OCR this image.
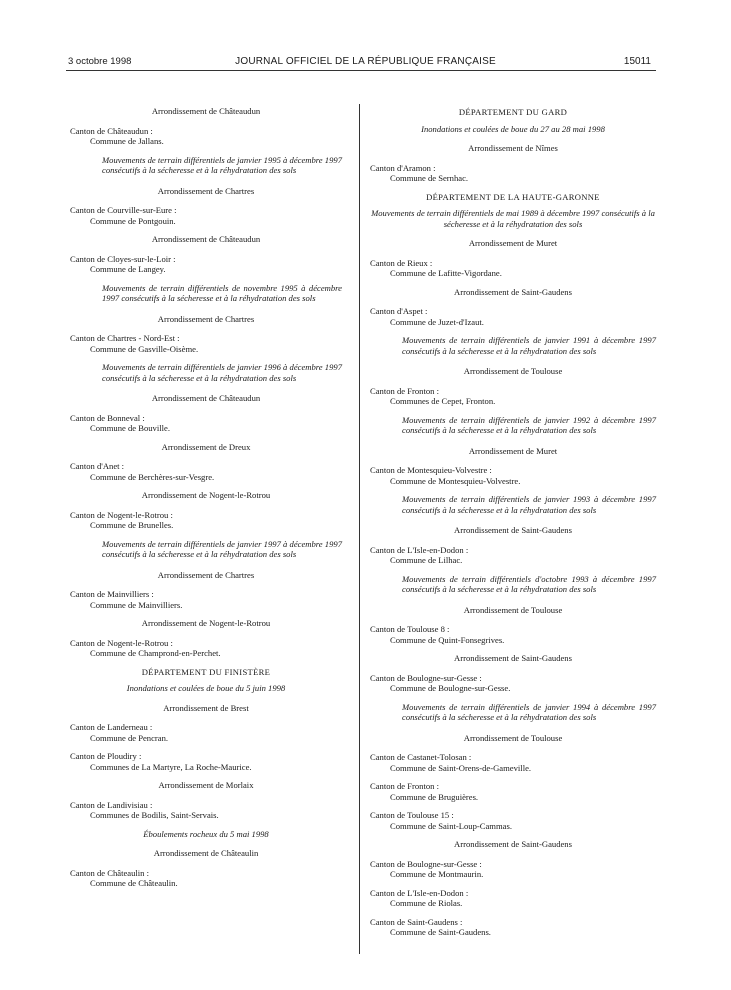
3 octobre 1998	JOURNAL OFFICIEL DE LA RÉPUBLIQUE FRANÇAISE	15011
Arrondissement de Châteaudun
Canton de Châteaudun :
Commune de Jallans.
Mouvements de terrain différentiels de janvier 1995 à décembre 1997 consécutifs à la sécheresse et à la réhydratation des sols
Arrondissement de Chartres
Canton de Courville-sur-Eure :
Commune de Pontgouin.
Arrondissement de Châteaudun
Canton de Cloyes-sur-le-Loir :
Commune de Langey.
Mouvements de terrain différentiels de novembre 1995 à décembre 1997 consécutifs à la sécheresse et à la réhydratation des sols
Arrondissement de Chartres
Canton de Chartres - Nord-Est :
Commune de Gasville-Oisème.
Mouvements de terrain différentiels de janvier 1996 à décembre 1997 consécutifs à la sécheresse et à la réhydratation des sols
Arrondissement de Châteaudun
Canton de Bonneval :
Commune de Bouville.
Arrondissement de Dreux
Canton d'Anet :
Commune de Berchères-sur-Vesgre.
Arrondissement de Nogent-le-Rotrou
Canton de Nogent-le-Rotrou :
Commune de Brunelles.
Mouvements de terrain différentiels de janvier 1997 à décembre 1997 consécutifs à la sécheresse et à la réhydratation des sols
Arrondissement de Chartres
Canton de Mainvilliers :
Commune de Mainvilliers.
Arrondissement de Nogent-le-Rotrou
Canton de Nogent-le-Rotrou :
Commune de Champrond-en-Perchet.
DÉPARTEMENT DU FINISTÈRE
Inondations et coulées de boue du 5 juin 1998
Arrondissement de Brest
Canton de Landerneau :
Commune de Pencran.
Canton de Ploudiry :
Communes de La Martyre, La Roche-Maurice.
Arrondissement de Morlaix
Canton de Landivisiau :
Communes de Bodilis, Saint-Servais.
Éboulements rocheux du 5 mai 1998
Arrondissement de Châteaulin
Canton de Châteaulin :
Commune de Châteaulin.
DÉPARTEMENT DU GARD
Inondations et coulées de boue du 27 au 28 mai 1998
Arrondissement de Nîmes
Canton d'Aramon :
Commune de Sernhac.
DÉPARTEMENT DE LA HAUTE-GARONNE
Mouvements de terrain différentiels de mai 1989 à décembre 1997 consécutifs à la sécheresse et à la réhydratation des sols
Arrondissement de Muret
Canton de Rieux :
Commune de Lafitte-Vigordane.
Arrondissement de Saint-Gaudens
Canton d'Aspet :
Commune de Juzet-d'Izaut.
Mouvements de terrain différentiels de janvier 1991 à décembre 1997 consécutifs à la sécheresse et à la réhydratation des sols
Arrondissement de Toulouse
Canton de Fronton :
Communes de Cepet, Fronton.
Mouvements de terrain différentiels de janvier 1992 à décembre 1997 consécutifs à la sécheresse et à la réhydratation des sols
Arrondissement de Muret
Canton de Montesquieu-Volvestre :
Commune de Montesquieu-Volvestre.
Mouvements de terrain différentiels de janvier 1993 à décembre 1997 consécutifs à la sécheresse et à la réhydratation des sols
Arrondissement de Saint-Gaudens
Canton de L'Isle-en-Dodon :
Commune de Lilhac.
Mouvements de terrain différentiels d'octobre 1993 à décembre 1997 consécutifs à la sécheresse et à la réhydratation des sols
Arrondissement de Toulouse
Canton de Toulouse 8 :
Commune de Quint-Fonsegrives.
Arrondissement de Saint-Gaudens
Canton de Boulogne-sur-Gesse :
Commune de Boulogne-sur-Gesse.
Mouvements de terrain différentiels de janvier 1994 à décembre 1997 consécutifs à la sécheresse et à la réhydratation des sols
Arrondissement de Toulouse
Canton de Castanet-Tolosan :
Commune de Saint-Orens-de-Gameville.
Canton de Fronton :
Commune de Bruguières.
Canton de Toulouse 15 :
Commune de Saint-Loup-Cammas.
Arrondissement de Saint-Gaudens
Canton de Boulogne-sur-Gesse :
Commune de Montmaurin.
Canton de L'Isle-en-Dodon :
Commune de Riolas.
Canton de Saint-Gaudens :
Commune de Saint-Gaudens.
